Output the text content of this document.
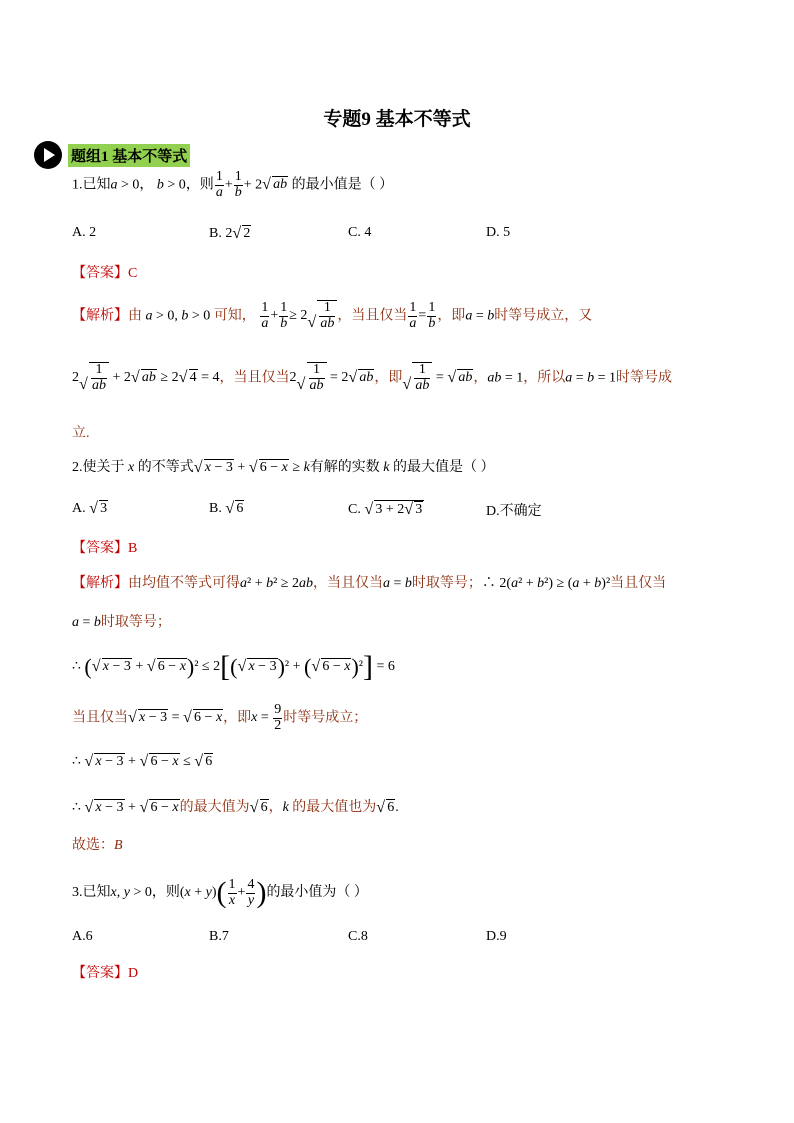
专题9 基本不等式
题组1 基本不等式
1.已知a > 0， b > 0，则 $\frac{1}{a} + \frac{1}{b} + 2√$ ab 的最小值是（ ）
A. 2	B. 2√ 2	C. 4	D. 5
【答案】C
【解析】由 a > 0, b > 0 可知， $\frac{1}{a} + \frac{1}{b} \ge 2$
√ $\frac{1}{ab}$ ，当且仅当 $\frac{1}{a} = \frac{1}{b}$ ，即a = b时等号成立，又
2
√ $\frac{1}{ab} + 2√$ ab ≥ 2√ 4 = 4，当且仅当2
√ $\frac{1}{ab} = 2√$ ab，即
√ $\frac{1}{ab}$ = √ ab，ab = 1，所以a = b = 1时等号成
立.
2.使关于 x 的不等式√ x − 3 + √ 6 − x ≥ k有解的实数 k 的最大值是（ ）
A. √ 3	B. √ 6	C. √ 3 + 2√ 3	D.不确定
【答案】B
【解析】由均值不等式可得a² + b² ≥ 2ab，当且仅当a = b时取等号；∴ 2(a² + b²) ≥ (a + b)²当且仅当
a = b时取等号；
∴ (√ x − 3 + √ 6 − x)² ≤ 2[(√ x − 3)² + (√ 6 − x)²] = 6
当且仅当√ x − 3 = √ 6 − x，即$x = \frac{9}{2}$ 时等号成立；
∴ √ x − 3 + √ 6 − x ≤ √ 6
∴ √ x − 3 + √ 6 − x的最大值为√ 6，k 的最大值也为√ 6.
故选：B
3.已知x, y > 0，则$(x + y)( \frac{1}{x} + \frac{4}{y}$ )的最小值为（ ）
A.6	B.7	C.8	D.9
【答案】D
